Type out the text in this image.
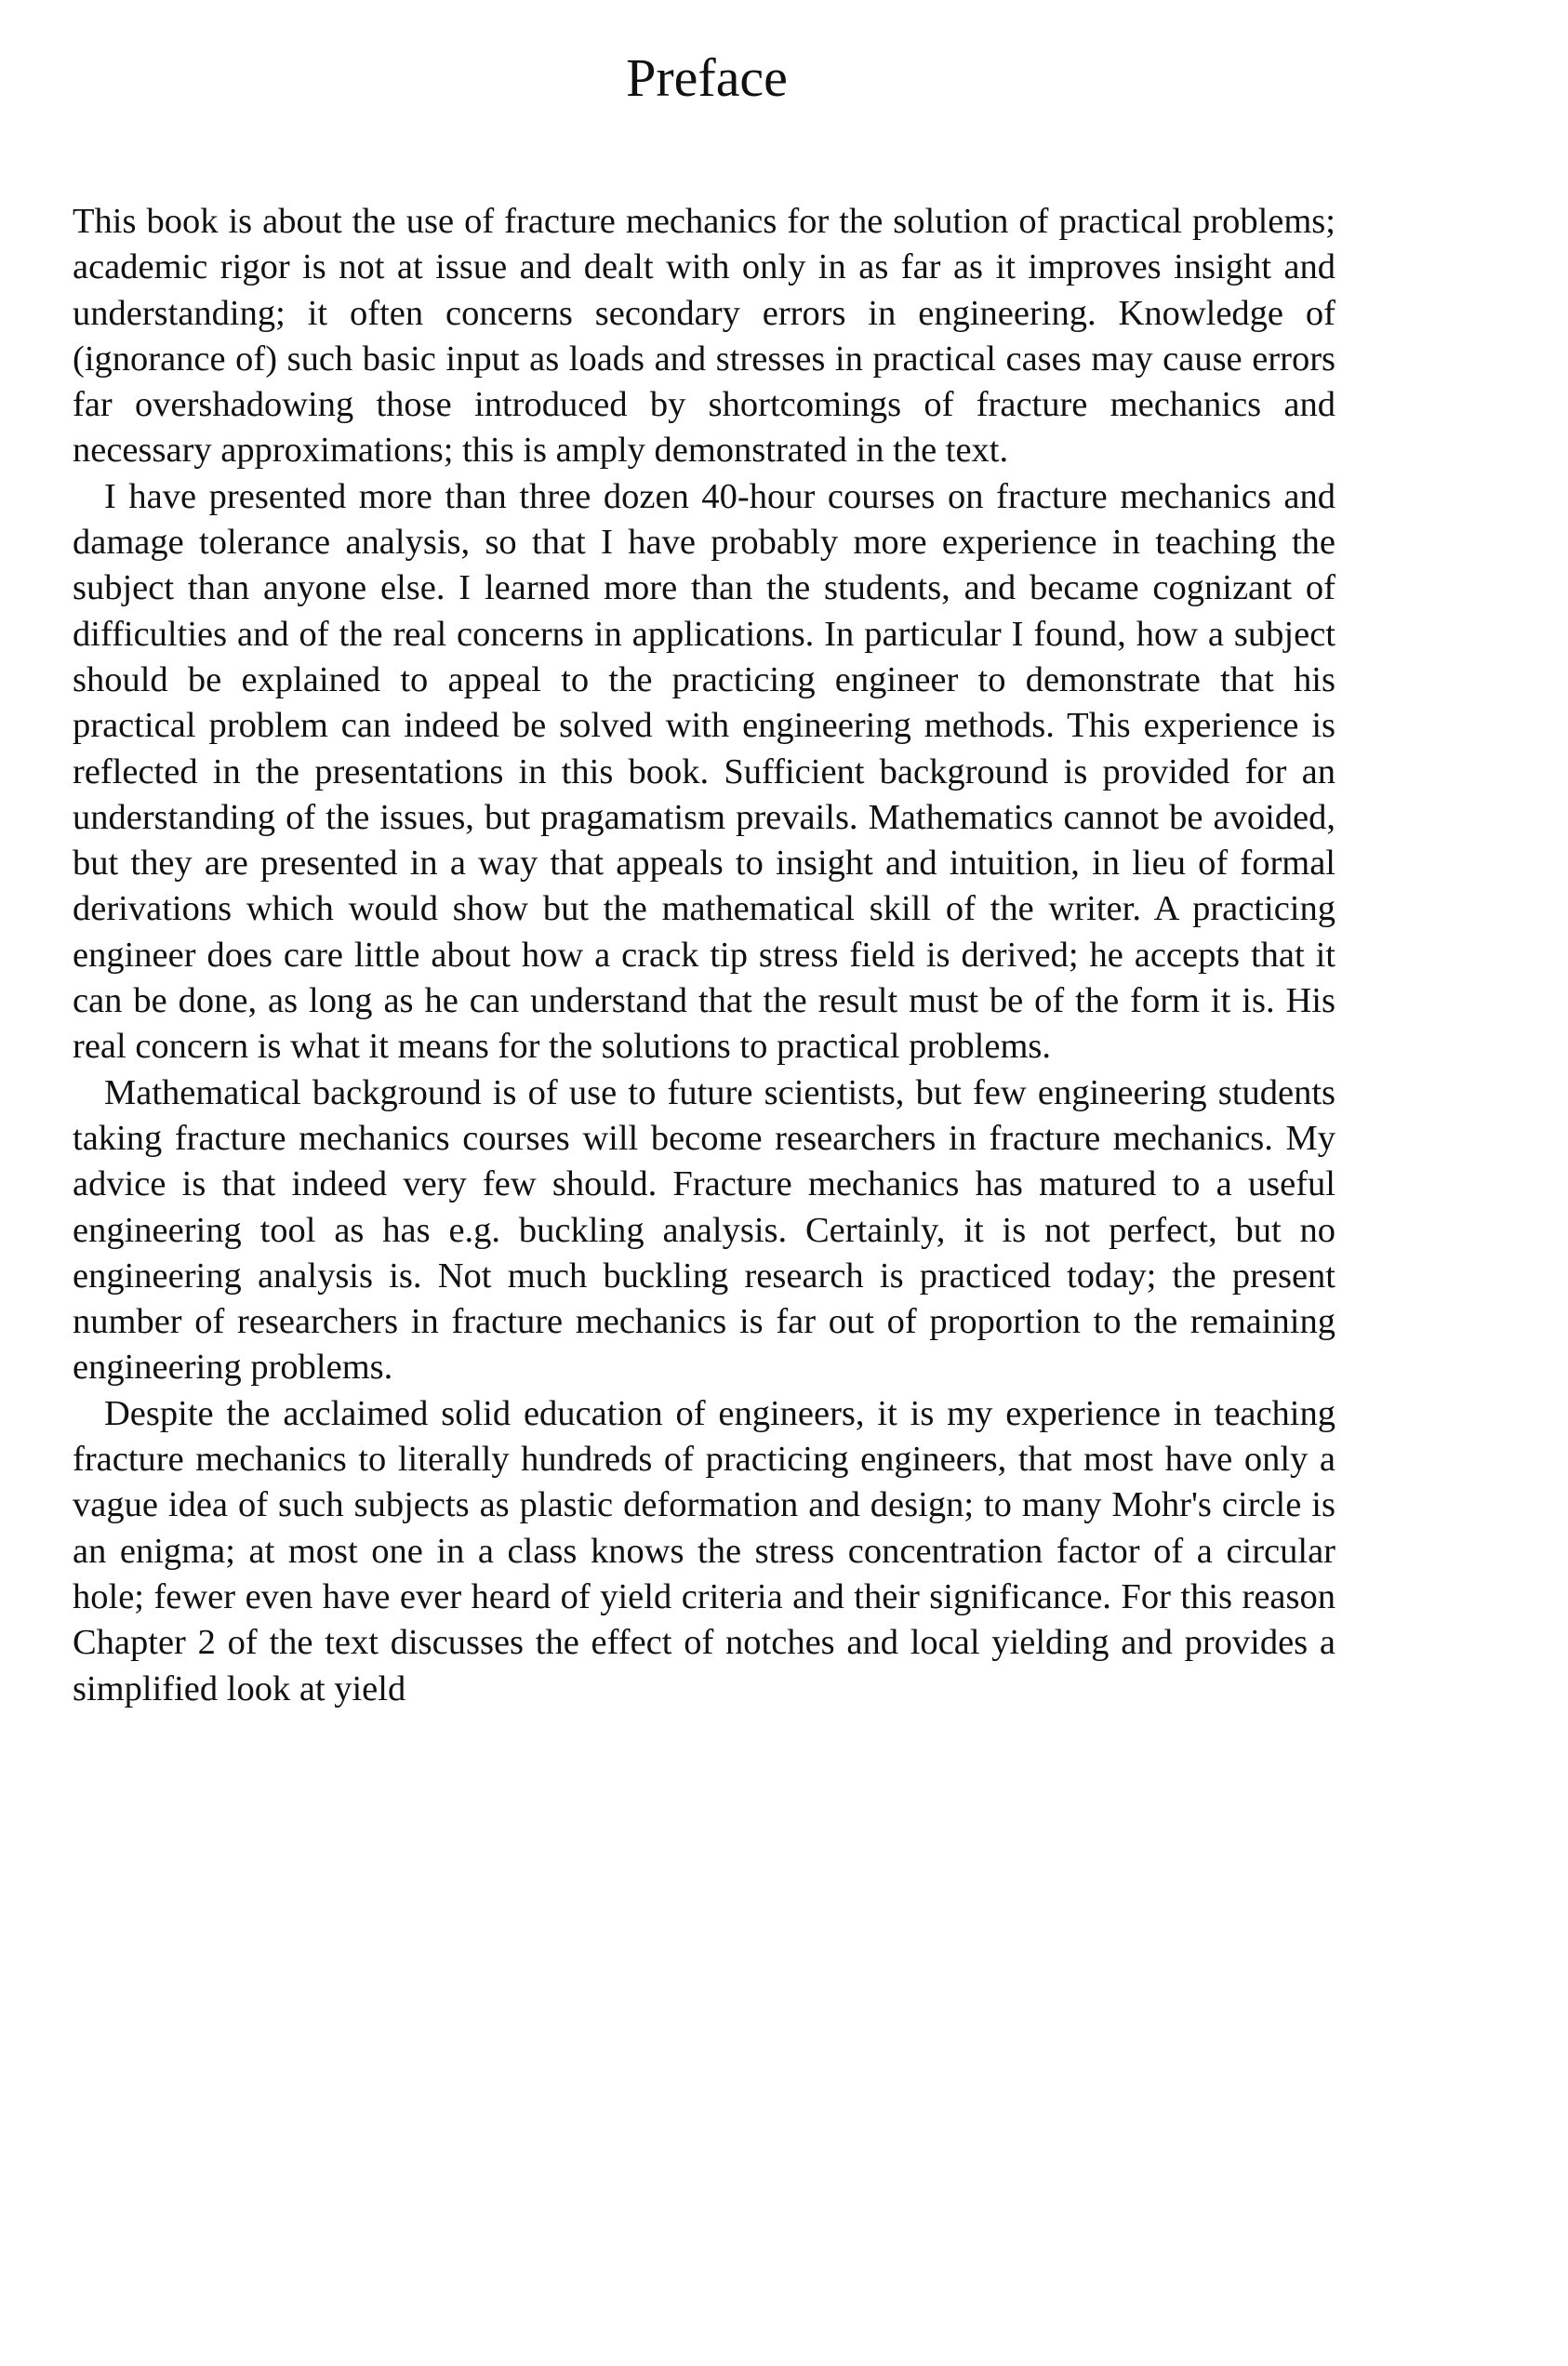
Preface

This book is about the use of fracture mechanics for the solution of practical problems; academic rigor is not at issue and dealt with only in as far as it improves insight and understanding; it often concerns secondary errors in engineering. Knowledge of (ignorance of) such basic input as loads and stresses in practical cases may cause errors far overshadowing those introduced by shortcomings of fracture mechanics and necessary approximations; this is amply demonstrated in the text.

I have presented more than three dozen 40-hour courses on fracture mechanics and damage tolerance analysis, so that I have probably more experience in teaching the subject than anyone else. I learned more than the students, and became cognizant of difficulties and of the real concerns in applications. In particular I found, how a subject should be explained to appeal to the practicing engineer to demonstrate that his practical problem can indeed be solved with engineering methods. This experience is reflected in the presentations in this book. Sufficient background is provided for an understanding of the issues, but pragamatism prevails. Mathematics cannot be avoided, but they are presented in a way that appeals to insight and intuition, in lieu of formal derivations which would show but the mathematical skill of the writer. A practicing engineer does care little about how a crack tip stress field is derived; he accepts that it can be done, as long as he can understand that the result must be of the form it is. His real concern is what it means for the solutions to practical problems.

Mathematical background is of use to future scientists, but few engineering students taking fracture mechanics courses will become researchers in fracture mechanics. My advice is that indeed very few should. Fracture mechanics has matured to a useful engineering tool as has e.g. buckling analysis. Certainly, it is not perfect, but no engineering analysis is. Not much buckling research is practiced today; the present number of researchers in fracture mechanics is far out of proportion to the remaining engineering problems.

Despite the acclaimed solid education of engineers, it is my experience in teaching fracture mechanics to literally hundreds of practicing engineers, that most have only a vague idea of such subjects as plastic deformation and design; to many Mohr's circle is an enigma; at most one in a class knows the stress concentration factor of a circular hole; fewer even have ever heard of yield criteria and their significance. For this reason Chapter 2 of the text discusses the effect of notches and local yielding and provides a simplified look at yield
